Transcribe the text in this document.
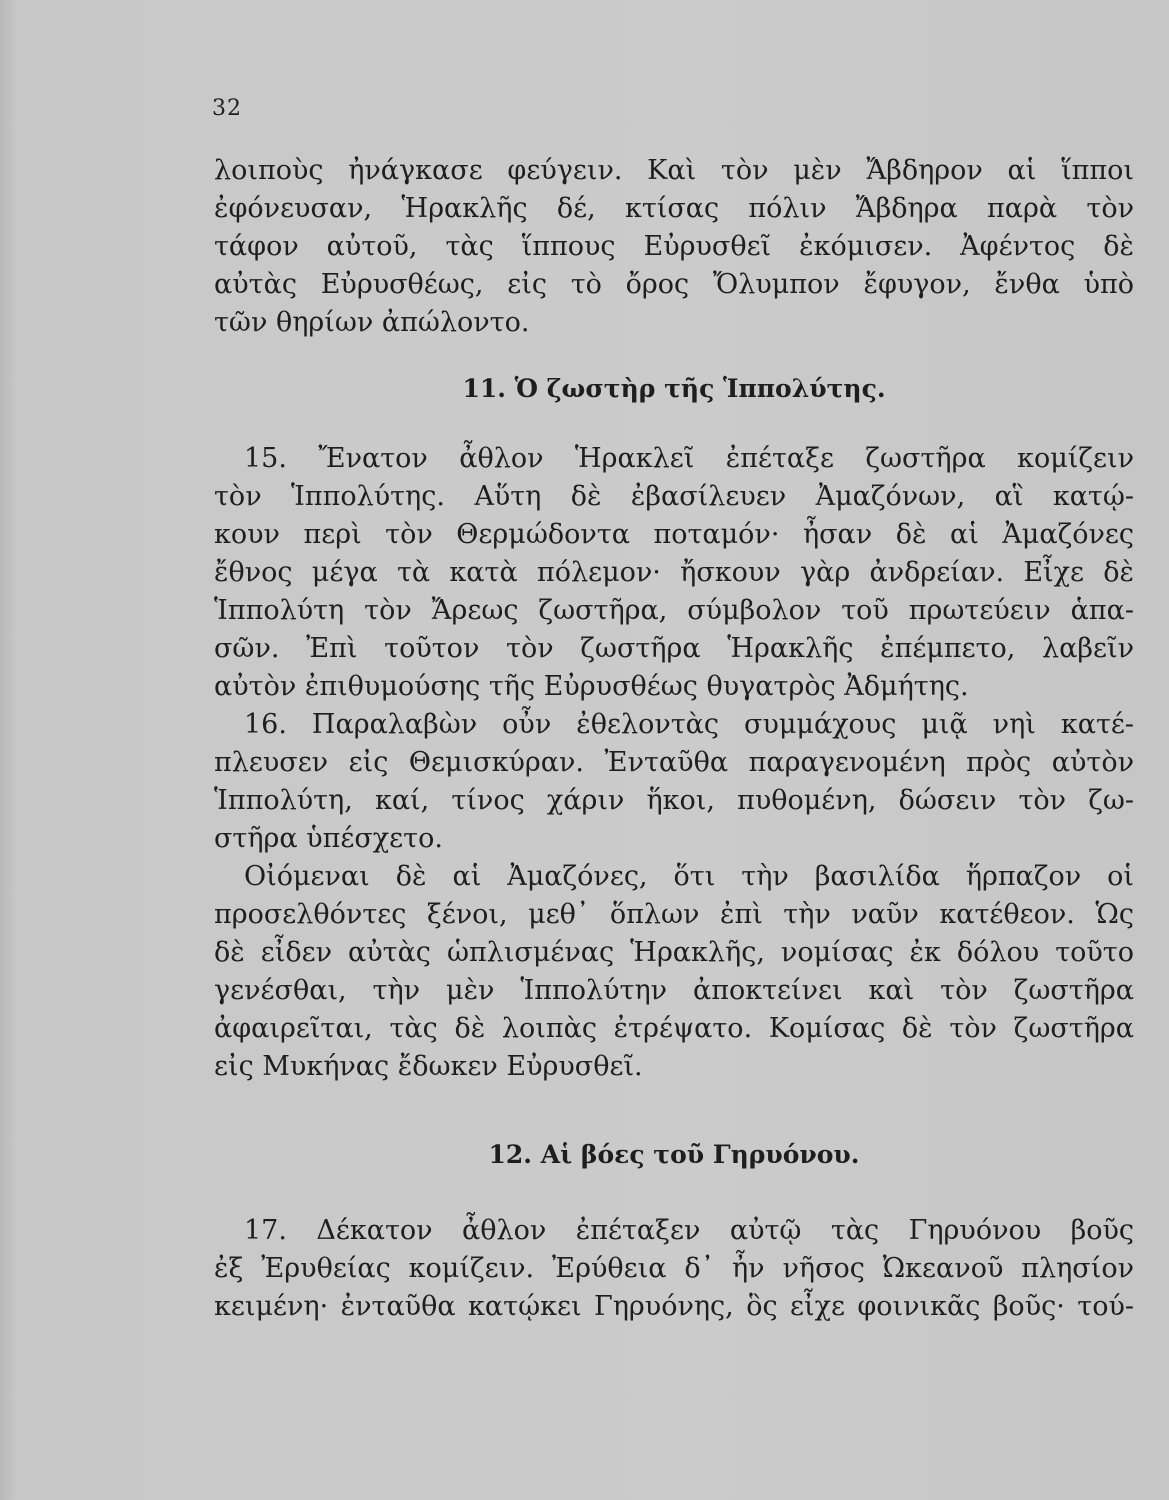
32
λοιποὺς ἠνάγκασε φεύγειν. Καὶ τὸν μὲν Ἄβδηρον αἱ ἵπποι
ἐφόνευσαν, Ἡρακλῆς δέ, κτίσας πόλιν Ἄβδηρα παρὰ τὸν
τάφον αὐτοῦ, τὰς ἵππους Εὐρυσθεῖ ἐκόμισεν. Ἀφέντος δὲ
αὐτὰς Εὐρυσθέως, εἰς τὸ ὄρος Ὄλυμπον ἔφυγον, ἔνθα ὑπὸ
τῶν θηρίων ἀπώλοντο.
11. Ὁ ζωστὴρ τῆς Ἱππολύτης.
15. Ἔνατον ἆθλον Ἡρακλεῖ ἐπέταξε ζωστῆρα κομίζειν
τὸν Ἱππολύτης. Αὕτη δὲ ἐβασίλευεν Ἀμαζόνων, αἳ κατῴ-
κουν περὶ τὸν Θερμώδοντα ποταμόν· ἦσαν δὲ αἱ Ἀμαζόνες
ἔθνος μέγα τὰ κατὰ πόλεμον· ἤσκουν γὰρ ἀνδρείαν. Εἶχε δὲ
Ἱππολύτη τὸν Ἄρεως ζωστῆρα, σύμβολον τοῦ πρωτεύειν ἁπα-
σῶν. Ἐπὶ τοῦτον τὸν ζωστῆρα Ἡρακλῆς ἐπέμπετο, λαβεῖν
αὐτὸν ἐπιθυμούσης τῆς Εὐρυσθέως θυγατρὸς Ἀδμήτης.
16. Παραλαβὼν οὖν ἐθελοντὰς συμμάχους μιᾷ νηὶ κατέ-
πλευσεν εἰς Θεμισκύραν. Ἐνταῦθα παραγενομένη πρὸς αὐτὸν
Ἱππολύτη, καί, τίνος χάριν ἥκοι, πυθομένη, δώσειν τὸν ζω-
στῆρα ὑπέσχετο.
Οἰόμεναι δὲ αἱ Ἀμαζόνες, ὅτι τὴν βασιλίδα ἥρπαζον οἱ
προσελθόντες ξένοι, μεθ᾽ ὅπλων ἐπὶ τὴν ναῦν κατέθεον. Ὡς
δὲ εἶδεν αὐτὰς ὡπλισμένας Ἡρακλῆς, νομίσας ἐκ δόλου τοῦτο
γενέσθαι, τὴν μὲν Ἱππολύτην ἀποκτείνει καὶ τὸν ζωστῆρα
ἀφαιρεῖται, τὰς δὲ λοιπὰς ἐτρέψατο. Κομίσας δὲ τὸν ζωστῆρα
εἰς Μυκήνας ἔδωκεν Εὐρυσθεῖ.
12. Αἱ βόες τοῦ Γηρυόνου.
17. Δέκατον ἆθλον ἐπέταξεν αὐτῷ τὰς Γηρυόνου βοῦς
ἐξ Ἐρυθείας κομίζειν. Ἐρύθεια δ᾽ ἦν νῆσος Ὠκεανοῦ πλησίον
κειμένη· ἐνταῦθα κατῴκει Γηρυόνης, ὃς εἶχε φοινικᾶς βοῦς· τού-
